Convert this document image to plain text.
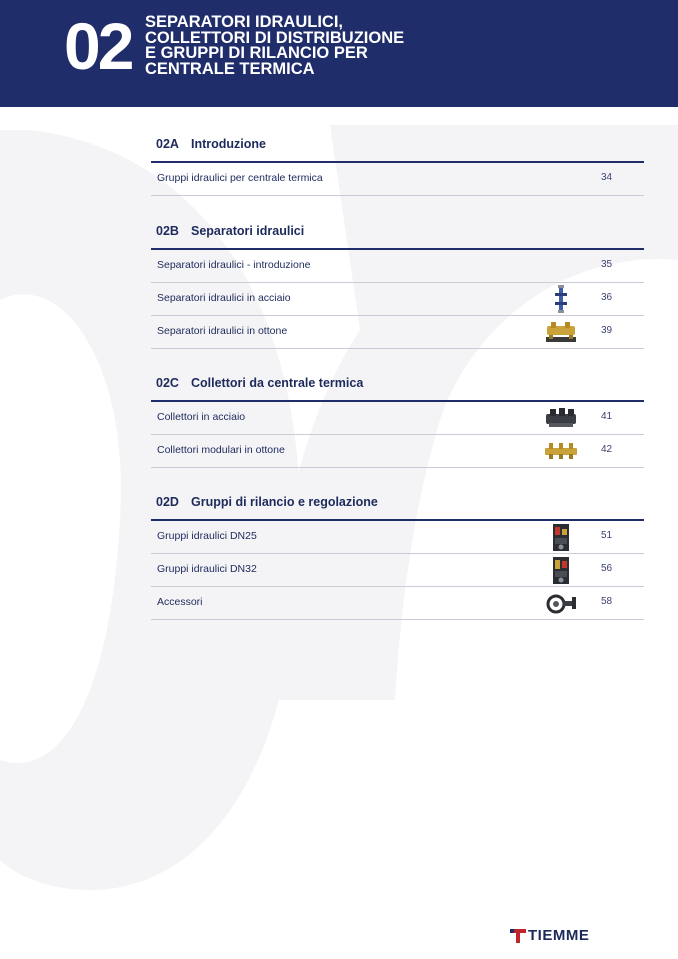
02 SEPARATORI IDRAULICI,
COLLETTORI DI DISTRIBUZIONE
E GRUPPI DI RILANCIO PER
CENTRALE TERMICA
02A Introduzione
Gruppi idraulici per centrale termica	34
02B Separatori idraulici
Separatori idraulici - introduzione	35
Separatori idraulici in acciaio	36
Separatori idraulici in ottone	39
02C Collettori da centrale termica
Collettori in acciaio	41
Collettori modulari in ottone	42
02D Gruppi di rilancio e regolazione
Gruppi idraulici DN25	51
Gruppi idraulici DN32	56
Accessori	58
TIEMME
